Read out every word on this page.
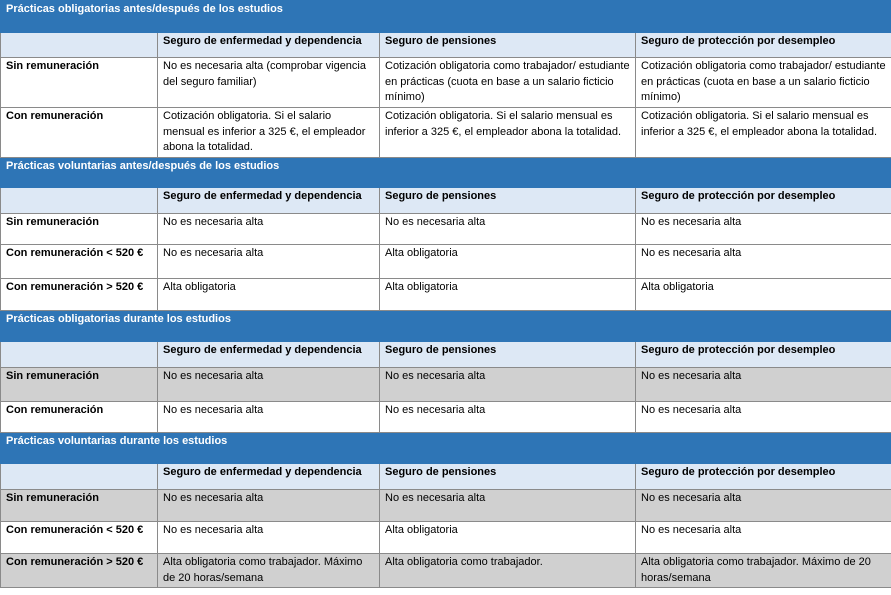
Prácticas obligatorias antes/después de los estudios			
	Seguro de enfermedad y dependencia	Seguro de pensiones	Seguro de protección por desempleo
Sin remuneración	No es necesaria alta (comprobar vigencia del seguro familiar)	Cotización obligatoria como trabajador/ estudiante en prácticas (cuota en base a un salario ficticio mínimo)	Cotización obligatoria como trabajador/ estudiante en prácticas (cuota en base a un salario ficticio mínimo)
Con remuneración	Cotización obligatoria. Si el salario mensual es inferior a 325 €, el empleador abona la totalidad.	Cotización obligatoria. Si el salario mensual es inferior a 325 €, el empleador abona la totalidad.	Cotización obligatoria. Si el salario mensual es inferior a 325 €, el empleador abona la totalidad.
Prácticas voluntarias antes/después de los estudios			
	Seguro de enfermedad y dependencia	Seguro de pensiones	Seguro de protección por desempleo
Sin remuneración	No es necesaria alta	No es necesaria alta	No es necesaria alta
Con remuneración < 520 €	No es necesaria alta	Alta obligatoria	No es necesaria alta
Con remuneración > 520 €	Alta obligatoria	Alta obligatoria	Alta obligatoria
Prácticas obligatorias durante los estudios			
	Seguro de enfermedad y dependencia	Seguro de pensiones	Seguro de protección por desempleo
Sin remuneración	No es necesaria alta	No es necesaria alta	No es necesaria alta
Con remuneración	No es necesaria alta	No es necesaria alta	No es necesaria alta
Prácticas voluntarias durante los estudios			
	Seguro de enfermedad y dependencia	Seguro de pensiones	Seguro de protección por desempleo
Sin remuneración	No es necesaria alta	No es necesaria alta	No es necesaria alta
Con remuneración < 520 €	No es necesaria alta	Alta obligatoria	No es necesaria alta
Con remuneración > 520 €	Alta obligatoria como trabajador. Máximo de 20 horas/semana	Alta obligatoria como trabajador.	Alta obligatoria como trabajador. Máximo de 20 horas/semana
